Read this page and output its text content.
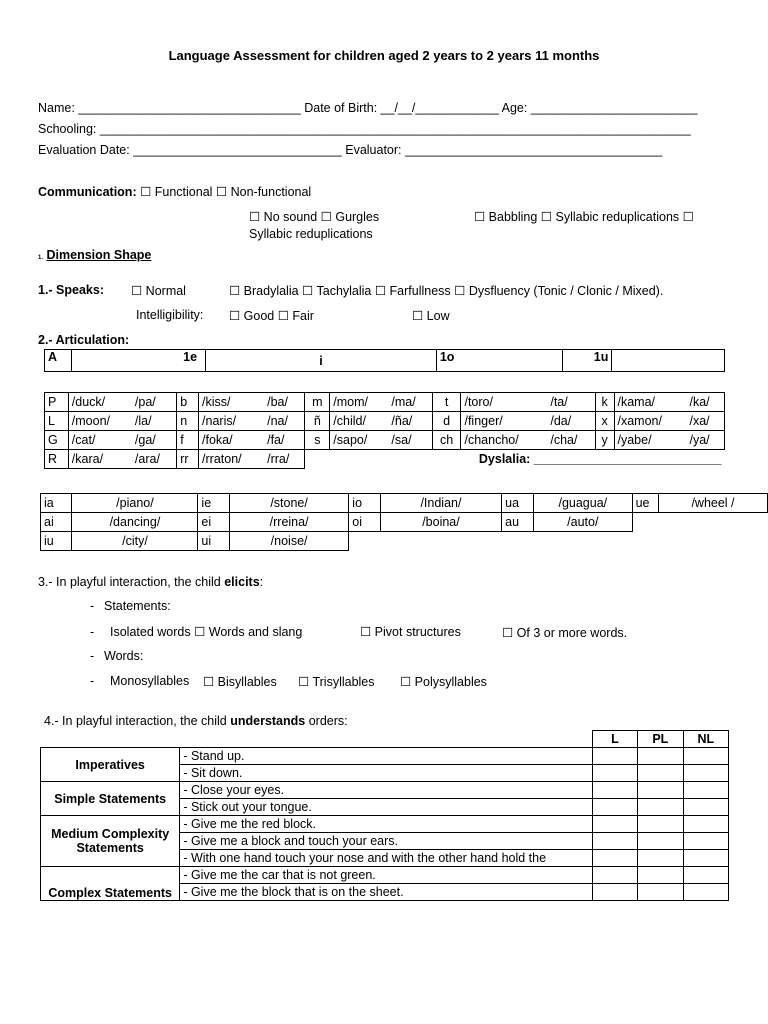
Language Assessment for children aged 2 years to 2 years 11 months
Name: ________________________________ Date of Birth: __/__/____________ Age: ________________________
Schooling: _____________________________________________________________________________________
Evaluation Date: ______________________________ Evaluator: _____________________________________
Communication: ☐ Functional ☐ Non-functional
☐ No sound ☐ Gurgles	☐ Babbling ☐ Syllabic reduplications ☐
Syllabic reduplications
1. Dimension Shape
1.- Speaks: ☐ Normal	☐ Bradylalia ☐ Tachylalia ☐ Farfullness ☐ Dysfluency (Tonic / Clonic / Mixed).
Intelligibility: ☐ Good ☐ Fair	☐ Low
2.- Articulation:
A	1e	i	1o	1u	
P	/duck/	/pa/	b	/kiss/	/ba/	m	/mom/	/ma/	t	/toro/	/ta/	k	/kama/	/ka/
L	/moon/	/la/	n	/naris/	/na/	ñ	/child/	/ña/	d	/finger/	/da/	x	/xamon/	/xa/
G	/cat/	/ga/	f	/foka/	/fa/	s	/sapo/	/sa/	ch	/chancho/	/cha/	y	/yabe/	/ya/
R	/kara/	/ara/	rr	/rraton/	/rra/	Dyslalia: ___________________________								
ia	/piano/	ie	/stone/	io	/Indian/	ua	/guagua/	ue	/wheel /
ai	/dancing/	ei	/rreina/	oi	/boina/	au	/auto/		
iu	/city/	ui	/noise/						
3.- In playful interaction, the child elicits:
- Statements:
- Isolated words ☐ Words and slang	☐ Pivot structures	☐ Of 3 or more words.
- Words:
- Monosyllables ☐ Bisyllables ☐ Trisyllables ☐ Polysyllables
4.- In playful interaction, the child understands orders:
		L	PL	NL
Imperatives	- Stand up.			
	- Sit down.			
Simple Statements	- Close your eyes.			
	- Stick out your tongue.			
Medium Complexity Statements	- Give me the red block.			
	- Give me a block and touch your ears.			
	- With one hand touch your nose and with the other hand hold the			
Complex Statements	- Give me the car that is not green.			
	- Give me the block that is on the sheet.			
